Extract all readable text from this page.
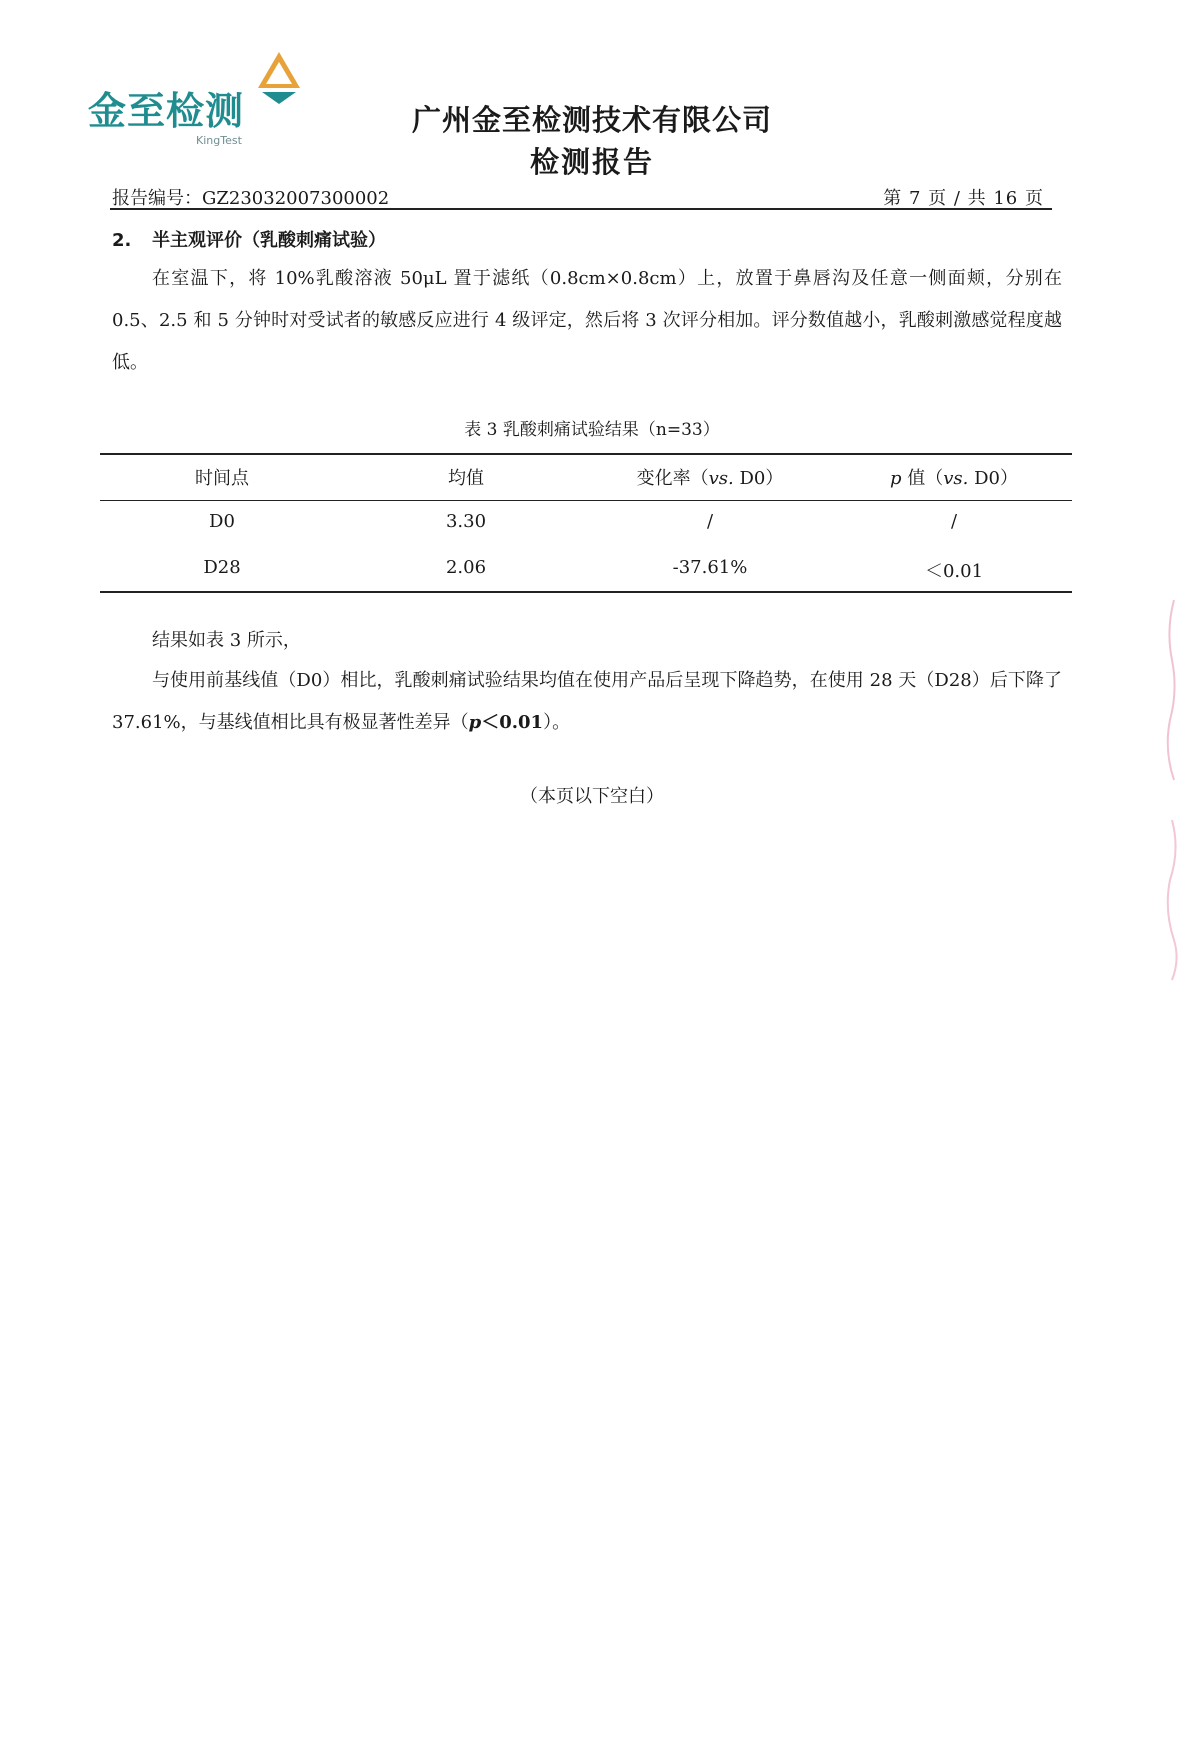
金至检测
KingTest
广州金至检测技术有限公司
检测报告
报告编号：GZ23032007300002	第 7 页 / 共 16 页
2. 半主观评价（乳酸刺痛试验）
在室温下，将 10%乳酸溶液 50μL 置于滤纸（0.8cm×0.8cm）上，放置于鼻唇沟及任意一侧面颊，分别在 0.5、2.5 和 5 分钟时对受试者的敏感反应进行 4 级评定，然后将 3 次评分相加。评分数值越小，乳酸刺激感觉程度越低。
表 3 乳酸刺痛试验结果（n=33）
时间点	均值	变化率（vs. D0）	p 值（vs. D0）
D0	3.30	/	/
D28	2.06	-37.61%	＜0.01
结果如表 3 所示，
与使用前基线值（D0）相比，乳酸刺痛试验结果均值在使用产品后呈现下降趋势，在使用 28 天（D28）后下降了 37.61%，与基线值相比具有极显著性差异（p＜0.01）。
（本页以下空白）
